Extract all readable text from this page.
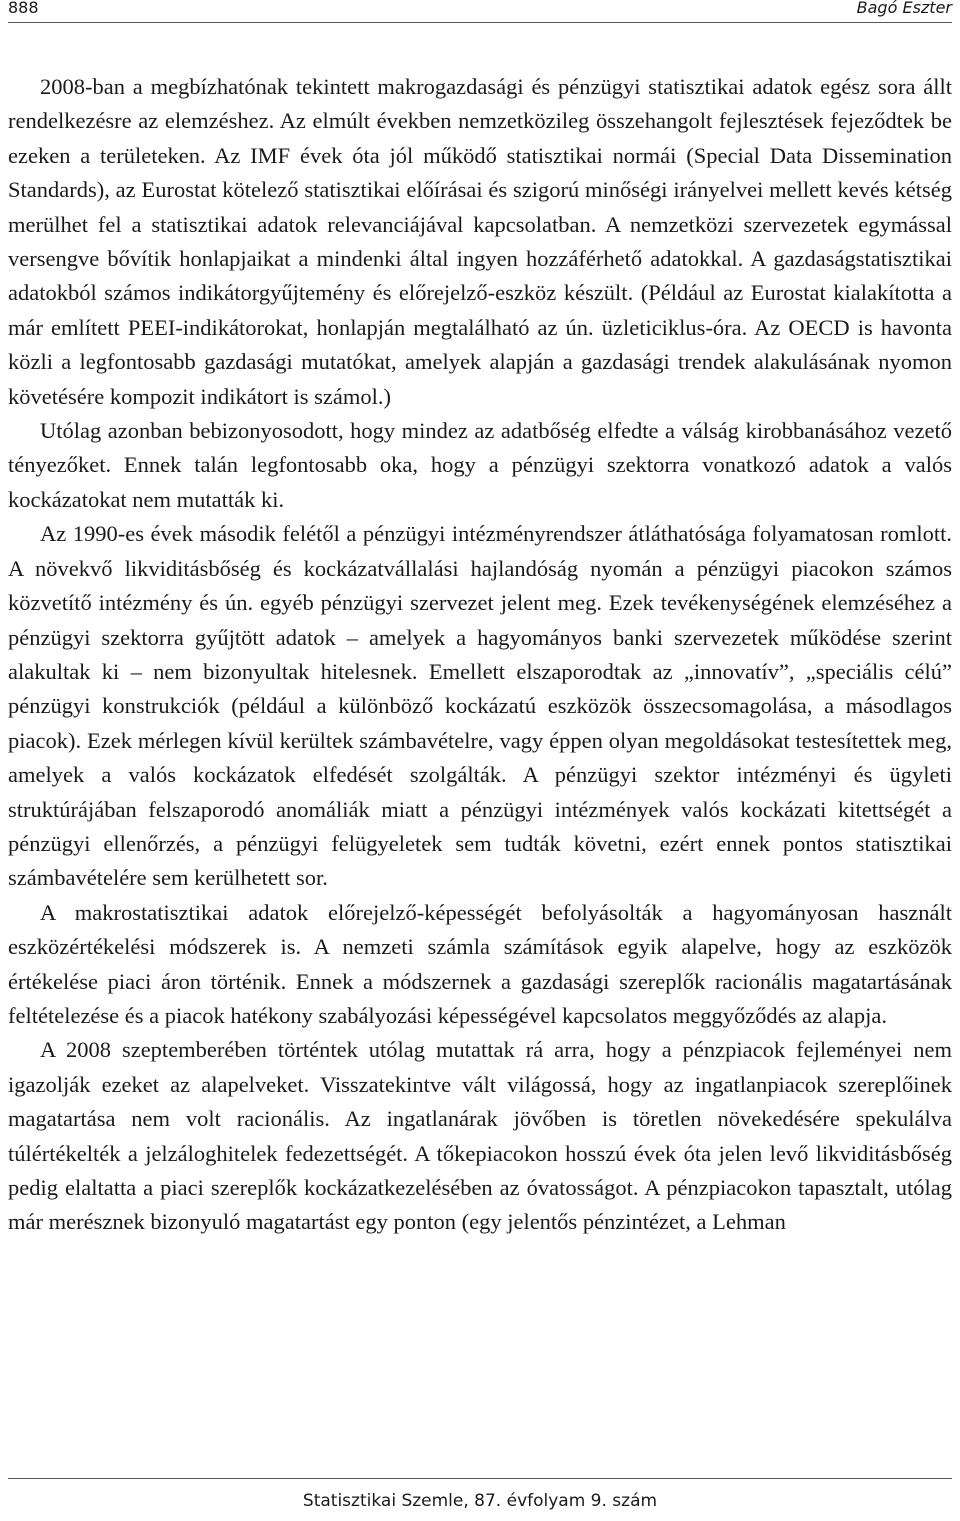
888	Bagó Eszter

2008-ban a megbízhatónak tekintett makrogazdasági és pénzügyi statisztikai adatok egész sora állt rendelkezésre az elemzéshez. Az elmúlt években nemzetközileg összehangolt fejlesztések fejeződtek be ezeken a területeken. Az IMF évek óta jól működő statisztikai normái (Special Data Dissemination Standards), az Eurostat kötelező statisztikai előírásai és szigorú minőségi irányelvei mellett kevés kétség merülhet fel a statisztikai adatok relevanciájával kapcsolatban. A nemzetközi szervezetek egymással versengve bővítik honlapjaikat a mindenki által ingyen hozzáférhető adatokkal. A gazdaságstatisztikai adatokból számos indikátorgyűjtemény és előrejelző-eszköz készült. (Például az Eurostat kialakította a már említett PEEI-indikátorokat, honlapján megtalálható az ún. üzleticiklus-óra. Az OECD is havonta közli a legfontosabb gazdasági mutatókat, amelyek alapján a gazdasági trendek alakulásának nyomon követésére kompozit indikátort is számol.)

Utólag azonban bebizonyosodott, hogy mindez az adatbőség elfedte a válság kirobbanásához vezető tényezőket. Ennek talán legfontosabb oka, hogy a pénzügyi szektorra vonatkozó adatok a valós kockázatokat nem mutatták ki.

Az 1990-es évek második felétől a pénzügyi intézményrendszer átláthatósága folyamatosan romlott. A növekvő likviditásbőség és kockázatvállalási hajlandóság nyomán a pénzügyi piacokon számos közvetítő intézmény és ún. egyéb pénzügyi szervezet jelent meg. Ezek tevékenységének elemzéséhez a pénzügyi szektorra gyűjtött adatok – amelyek a hagyományos banki szervezetek működése szerint alakultak ki – nem bizonyultak hitelesnek. Emellett elszaporodtak az „innovatív”, „speciális célú” pénzügyi konstrukciók (például a különböző kockázatú eszközök összecsomagolása, a másodlagos piacok). Ezek mérlegen kívül kerültek számbavételre, vagy éppen olyan megoldásokat testesítettek meg, amelyek a valós kockázatok elfedését szolgálták. A pénzügyi szektor intézményi és ügyleti struktúrájában felszaporodó anomáliák miatt a pénzügyi intézmények valós kockázati kitettségét a pénzügyi ellenőrzés, a pénzügyi felügyeletek sem tudták követni, ezért ennek pontos statisztikai számbavételére sem kerülhetett sor.

A makrostatisztikai adatok előrejelző-képességét befolyásolták a hagyományosan használt eszközértékelési módszerek is. A nemzeti számla számítások egyik alapelve, hogy az eszközök értékelése piaci áron történik. Ennek a módszernek a gazdasági szereplők racionális magatartásának feltételezése és a piacok hatékony szabályozási képességével kapcsolatos meggyőződés az alapja.

A 2008 szeptemberében történtek utólag mutattak rá arra, hogy a pénzpiacok fejleményei nem igazolják ezeket az alapelveket. Visszatekintve vált világossá, hogy az ingatlanpiacok szereplőinek magatartása nem volt racionális. Az ingatlanárak jövőben is töretlen növekedésére spekulálva túlértékelték a jelzáloghitelek fedezettségét. A tőkepiacokon hosszú évek óta jelen levő likviditásbőség pedig elaltatta a piaci szereplők kockázatkezelésében az óvatosságot. A pénzpiacokon tapasztalt, utólag már merésznek bizonyuló magatartást egy ponton (egy jelentős pénzintézet, a Lehman

Statisztikai Szemle, 87. évfolyam 9. szám
